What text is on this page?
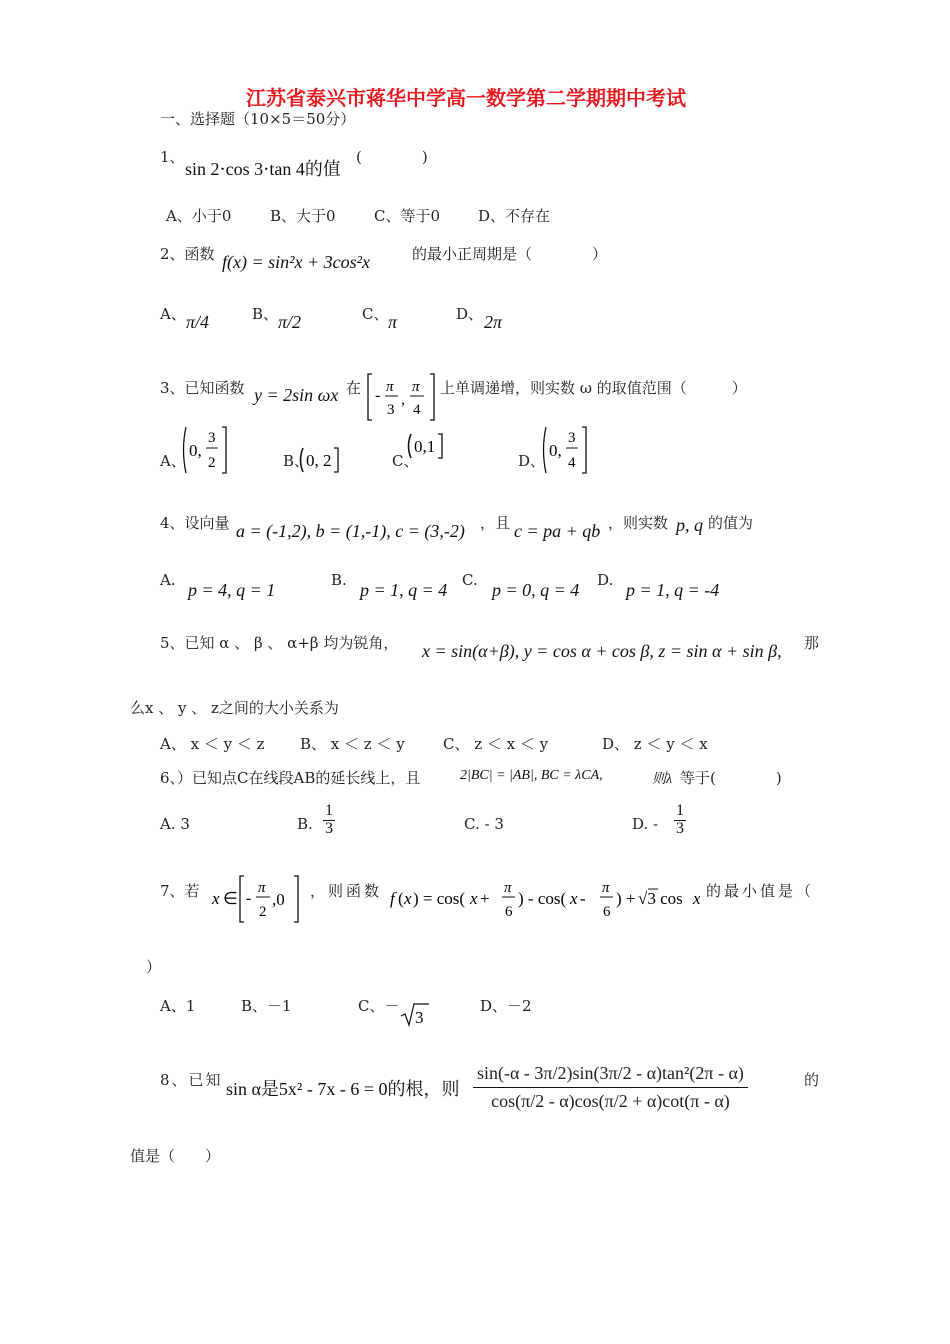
江苏省泰兴市蒋华中学高一数学第二学期期中考试
一、选择题（10×5＝50分）
1、
sin 2⋅cos 3⋅tan 4的值
(　　　　)
A、小于0	B、大于0	C、等于0	D、不存在
2、函数 f(x) = sin²x + 3cos²x	的最小正周期是（　　　　）
A、 π/4	B、 π/2	C、 π	D、 2π
3、已知函数 y = 2sin ωx 在 - π
3
,
π
4
上单调递增，则实数 ω 的取值范围（　　　）
A、
0,
3
2	B、
0, 2	C、
0,1
D、
0,
3
4
4、设向量 a = (-1,2), b = (1,-1), c = (3,-2) ，且 c = pa + qb ，则实数 p, q 的值为
A. p = 4, q = 1	B. p = 1, q = 4 C. p = 0, q = 4 D. p = 1, q = -4
5、已知 α 、 β 、 α+β 均为锐角， x = sin(α+β), y = cos α + cos β, z = sin α + sin β, 那
么x 、 y 、 z之间的大小关系为
A、 x ＜ y ＜ z B、 x ＜ z ＜ y	C、 z ＜ x ＜ y	D、 z ＜ y ＜ x
6、）已知点C在线段AB的延长线上，且	2|BC| = |AB|, BC = λCA,	则λ 等于(　　　　)
A. 3	B. $\frac{1}{3}$	C. - 3	D. - $\frac{1}{3}$
7、若 x ∈ -
π
2
,0 ，则函数 f ( x ) = cos( x +
π
6
) - cos( x -
π
6
) + √3 cos x 的最小值是（
）
A、1	B、－1	C、－
3
D、－2
8、已知 sin α是5x² - 7x - 6 = 0的根，则 $\frac{\text{sin(-α - 3π/2)sin(3π/2 - α)tan²(2π - α)}}{\cos(\pi/2 - \alpha)\cos(\pi/2 + \alpha)\cot(\pi - \alpha)}$	的
值是（　　）
